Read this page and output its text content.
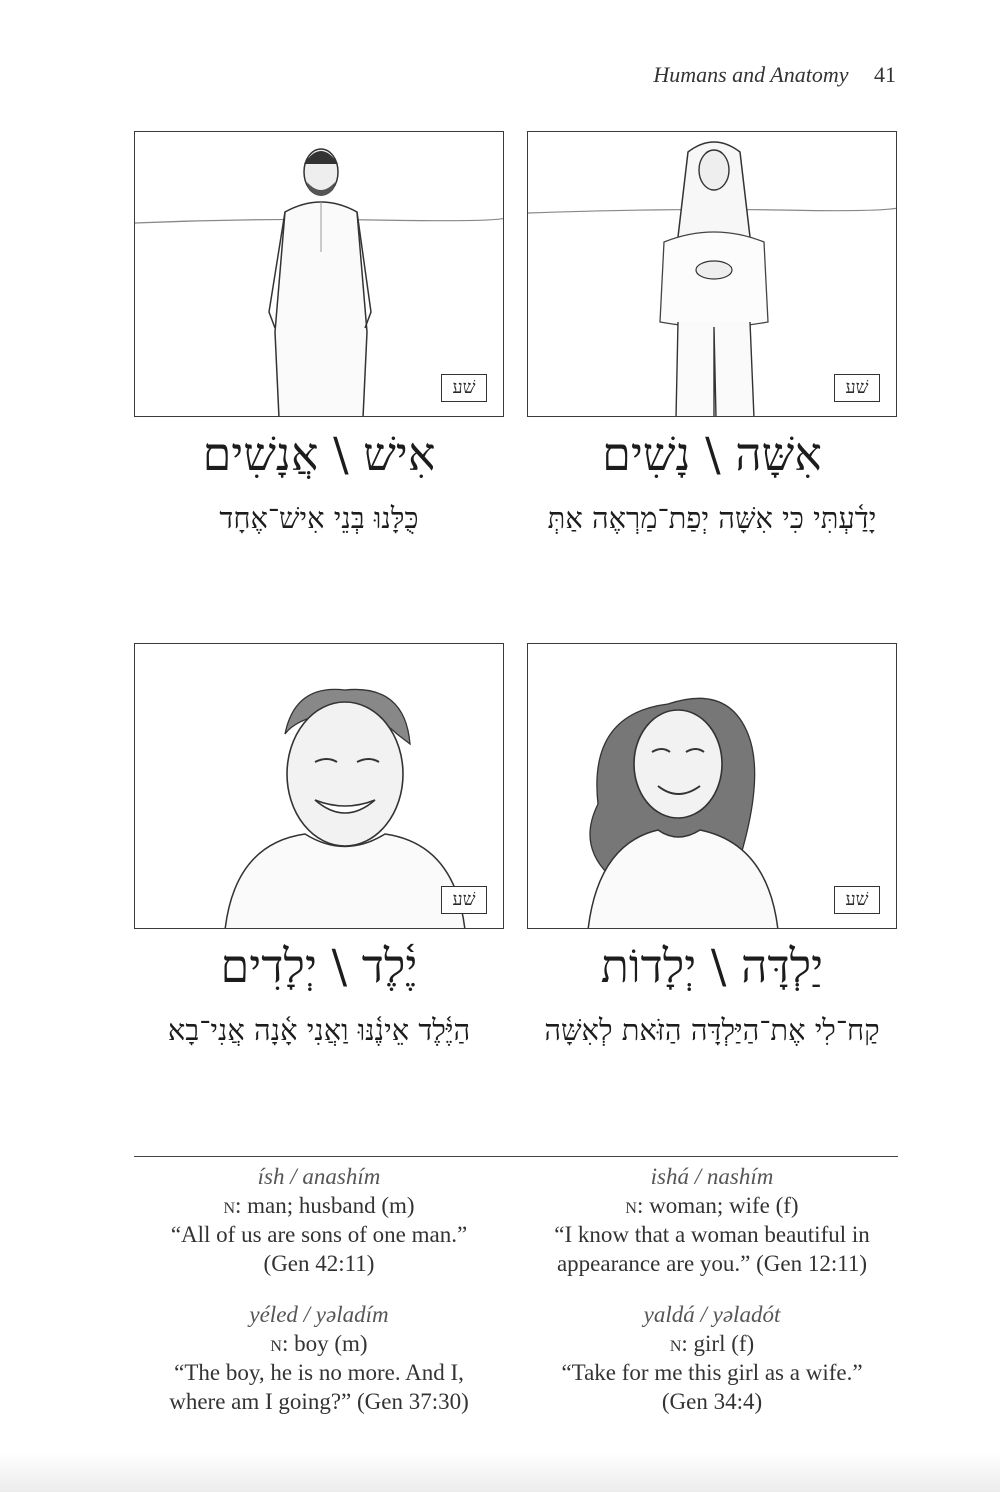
Humans and Anatomy 41
שׁע
אִישׁ \ אֲנָשִׁים
כֻּלָּנוּ בְּנֵי אִישׁ־אֶחָד
שׁע
אִשָּׁה \ נָשִׁים
יָדַ֫עְתִּי כִּי אִשָּׁה יְפַת־מַרְאֶה אַתְּ
שׁע
יֶ֫לֶד \ יְלָדִים
הַיֶּ֫לֶד אֵינֶ֫נּוּ וַאֲנִי אָ֫נָה אֲנִי־בָא
שׁע
יַלְדָּה \ יְלָדוֹת
קַח־לִי אֶת־הַיַּלְדָּה הַזֹּאת לְאִשָּׁה
ísh / anashím
n: man; husband (m)
“All of us are sons of one man.”
(Gen 42:11)
ishá / nashím
n: woman; wife (f)
“I know that a woman beautiful in
appearance are you.” (Gen 12:11)
yéled / yəladím
n: boy (m)
“The boy, he is no more. And I,
where am I going?” (Gen 37:30)
yaldá / yəladót
n: girl (f)
“Take for me this girl as a wife.”
(Gen 34:4)
